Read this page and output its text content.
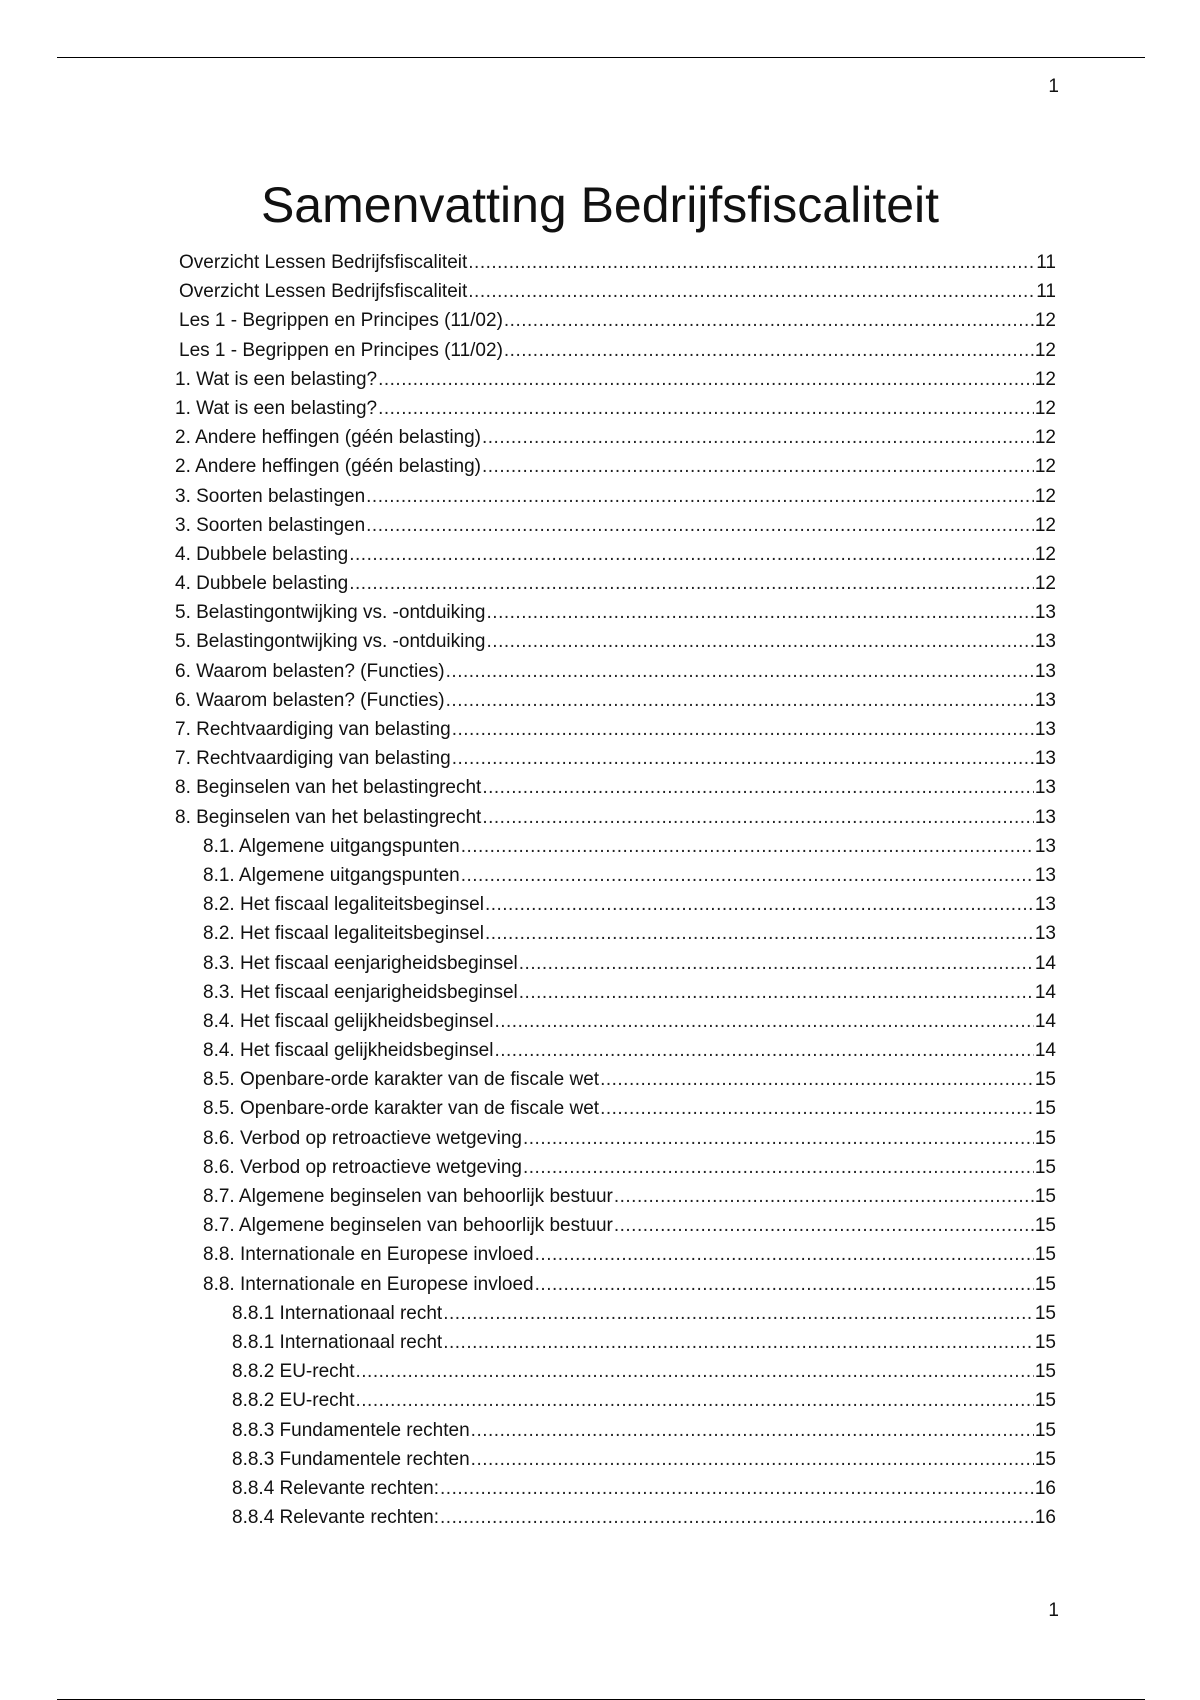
1
Samenvatting Bedrijfsfiscaliteit
Overzicht Lessen Bedrijfsfiscaliteit .....	11
Overzicht Lessen Bedrijfsfiscaliteit .....	11
Les 1 - Begrippen en Principes (11/02) .....	12
Les 1 - Begrippen en Principes (11/02) .....	12
1. Wat is een belasting? .....	12
1. Wat is een belasting? .....	12
2. Andere heffingen (géén belasting) .....	12
2. Andere heffingen (géén belasting) .....	12
3. Soorten belastingen .....	12
3. Soorten belastingen .....	12
4. Dubbele belasting .....	12
4. Dubbele belasting .....	12
5. Belastingontwijking vs. -ontduiking .....	13
5. Belastingontwijking vs. -ontduiking .....	13
6. Waarom belasten? (Functies) .....	13
6. Waarom belasten? (Functies) .....	13
7. Rechtvaardiging van belasting .....	13
7. Rechtvaardiging van belasting .....	13
8. Beginselen van het belastingrecht .....	13
8. Beginselen van het belastingrecht .....	13
8.1. Algemene uitgangspunten .....	13
8.1. Algemene uitgangspunten .....	13
8.2. Het fiscaal legaliteitsbeginsel .....	13
8.2. Het fiscaal legaliteitsbeginsel .....	13
8.3. Het fiscaal eenjarigheidsbeginsel .....	14
8.3. Het fiscaal eenjarigheidsbeginsel .....	14
8.4. Het fiscaal gelijkheidsbeginsel .....	14
8.4. Het fiscaal gelijkheidsbeginsel .....	14
8.5. Openbare-orde karakter van de fiscale wet .....	15
8.5. Openbare-orde karakter van de fiscale wet .....	15
8.6. Verbod op retroactieve wetgeving .....	15
8.6. Verbod op retroactieve wetgeving .....	15
8.7. Algemene beginselen van behoorlijk bestuur .....	15
8.7. Algemene beginselen van behoorlijk bestuur .....	15
8.8. Internationale en Europese invloed .....	15
8.8. Internationale en Europese invloed .....	15
8.8.1 Internationaal recht .....	15
8.8.1 Internationaal recht .....	15
8.8.2 EU-recht .....	15
8.8.2 EU-recht .....	15
8.8.3 Fundamentele rechten .....	15
8.8.3 Fundamentele rechten .....	15
8.8.4 Relevante rechten: .....	16
8.8.4 Relevante rechten: .....	16
1
